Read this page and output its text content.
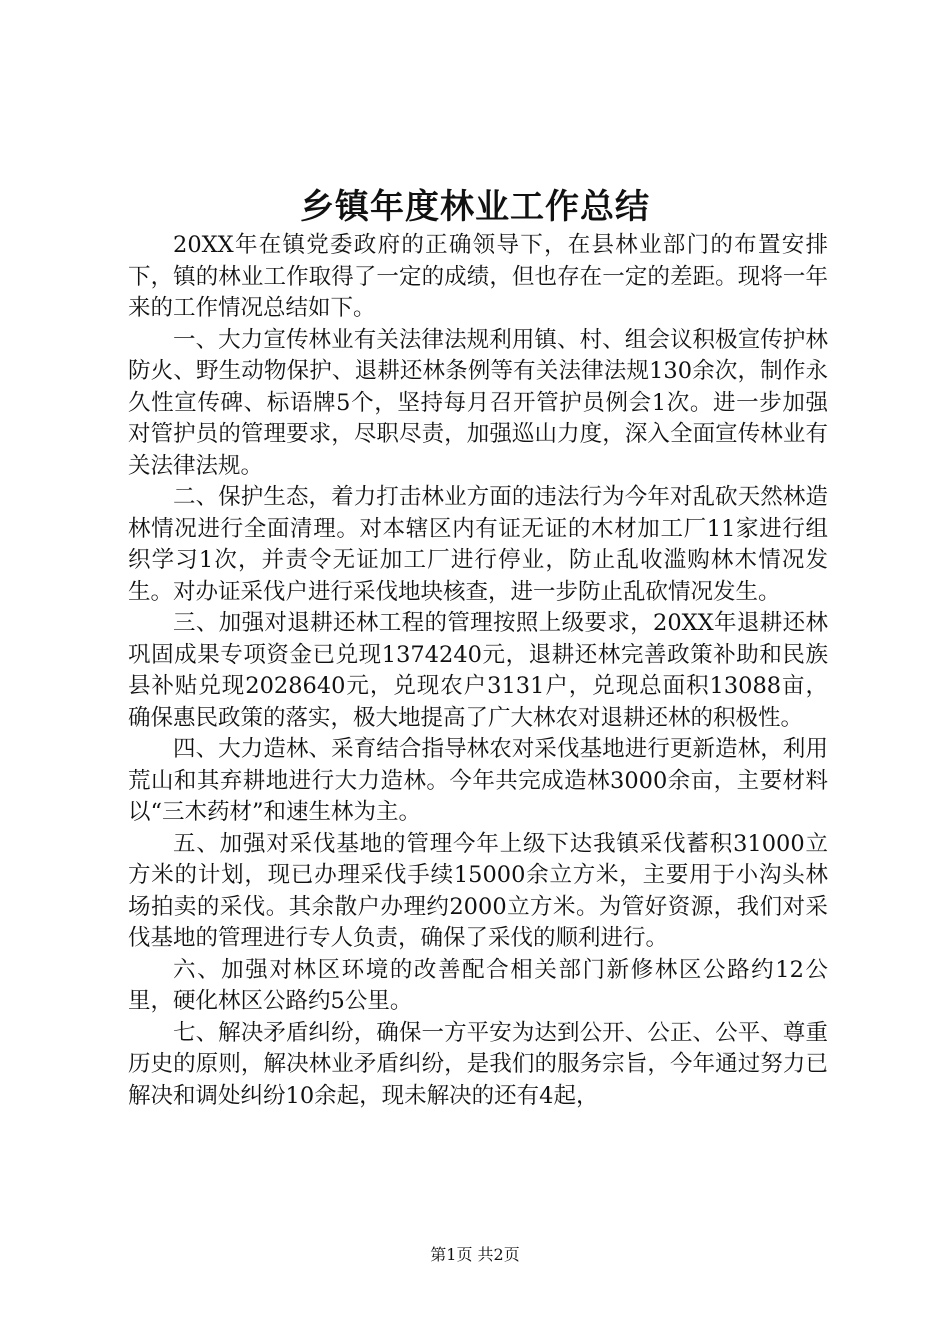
乡镇年度林业工作总结

20XX年在镇党委政府的正确领导下，在县林业部门的布置安排下，镇的林业工作取得了一定的成绩，但也存在一定的差距。现将一年来的工作情况总结如下。

一、大力宣传林业有关法律法规利用镇、村、组会议积极宣传护林防火、野生动物保护、退耕还林条例等有关法律法规130余次，制作永久性宣传碑、标语牌5个，坚持每月召开管护员例会1次。进一步加强对管护员的管理要求，尽职尽责，加强巡山力度，深入全面宣传林业有关法律法规。

二、保护生态，着力打击林业方面的违法行为今年对乱砍天然林造林情况进行全面清理。对本辖区内有证无证的木材加工厂11家进行组织学习1次，并责令无证加工厂进行停业，防止乱收滥购林木情况发生。对办证采伐户进行采伐地块核查，进一步防止乱砍情况发生。

三、加强对退耕还林工程的管理按照上级要求，20XX年退耕还林巩固成果专项资金已兑现1374240元，退耕还林完善政策补助和民族县补贴兑现2028640元，兑现农户3131户，兑现总面积13088亩，确保惠民政策的落实，极大地提高了广大林农对退耕还林的积极性。

四、大力造林、采育结合指导林农对采伐基地进行更新造林，利用荒山和其弃耕地进行大力造林。今年共完成造林3000余亩，主要材料以“三木药材”和速生林为主。

五、加强对采伐基地的管理今年上级下达我镇采伐蓄积31000立方米的计划，现已办理采伐手续15000余立方米，主要用于小沟头林场拍卖的采伐。其余散户办理约2000立方米。为管好资源，我们对采伐基地的管理进行专人负责，确保了采伐的顺利进行。

六、加强对林区环境的改善配合相关部门新修林区公路约12公里，硬化林区公路约5公里。

七、解决矛盾纠纷，确保一方平安为达到公开、公正、公平、尊重历史的原则，解决林业矛盾纠纷，是我们的服务宗旨，今年通过努力已解决和调处纠纷10余起，现未解决的还有4起，

第1页 共2页
